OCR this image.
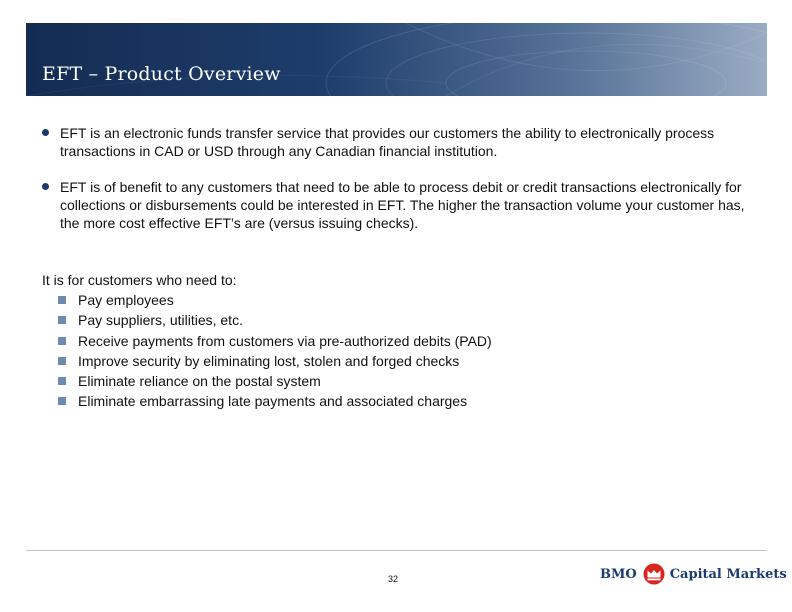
EFT – Product Overview
EFT is an electronic funds transfer service that provides our customers the ability to electronically process transactions in CAD or USD through any Canadian financial institution.
EFT is of benefit to any customers that need to be able to process debit or credit transactions electronically for collections or disbursements could be interested in EFT. The higher the transaction volume your customer has, the more cost effective EFT’s are (versus issuing checks).
It is for customers who need to:
Pay employees
Pay suppliers, utilities, etc.
Receive payments from customers via pre-authorized debits (PAD)
Improve security by eliminating lost, stolen and forged checks
Eliminate reliance on the postal system
Eliminate embarrassing late payments and associated charges
32	BMO	Capital Markets
